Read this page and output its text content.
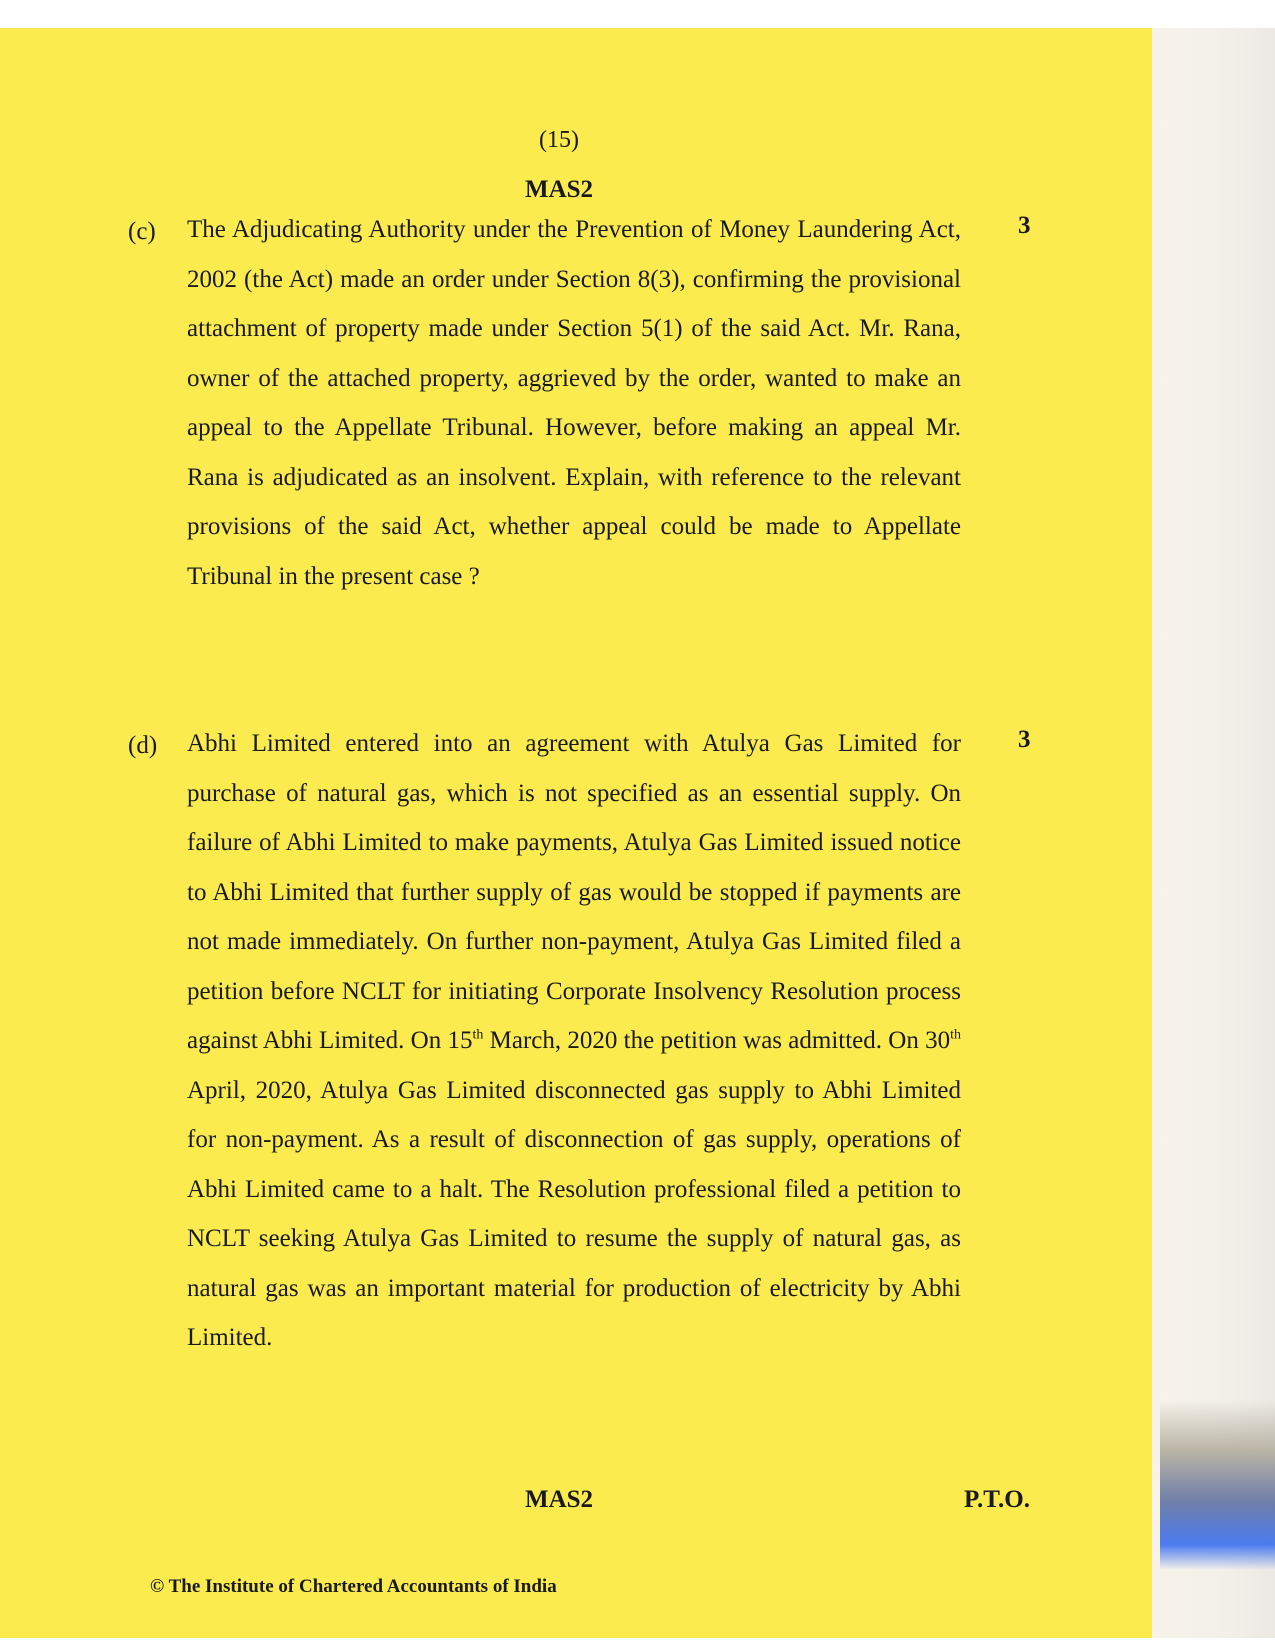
(15)
MAS2
(c)	3

The Adjudicating Authority under the Prevention of Money Laundering Act, 2002 (the Act) made an order under Section 8(3), confirming the provisional attachment of property made under Section 5(1) of the said Act. Mr. Rana, owner of the attached property, aggrieved by the order, wanted to make an appeal to the Appellate Tribunal. However, before making an appeal Mr. Rana is adjudicated as an insolvent. Explain, with reference to the relevant provisions of the said Act, whether appeal could be made to Appellate Tribunal in the present case ?

(d)	3

Abhi Limited entered into an agreement with Atulya Gas Limited for purchase of natural gas, which is not specified as an essential supply. On failure of Abhi Limited to make payments, Atulya Gas Limited issued notice to Abhi Limited that further supply of gas would be stopped if payments are not made immediately. On further non-payment, Atulya Gas Limited filed a petition before NCLT for initiating Corporate Insolvency Resolution process against Abhi Limited. On 15th March, 2020 the petition was admitted. On 30th April, 2020, Atulya Gas Limited disconnected gas supply to Abhi Limited for non-payment. As a result of disconnection of gas supply, operations of Abhi Limited came to a halt. The Resolution professional filed a petition to NCLT seeking Atulya Gas Limited to resume the supply of natural gas, as natural gas was an important material for production of electricity by Abhi Limited.

MAS2	P.T.O.
© The Institute of Chartered Accountants of India
